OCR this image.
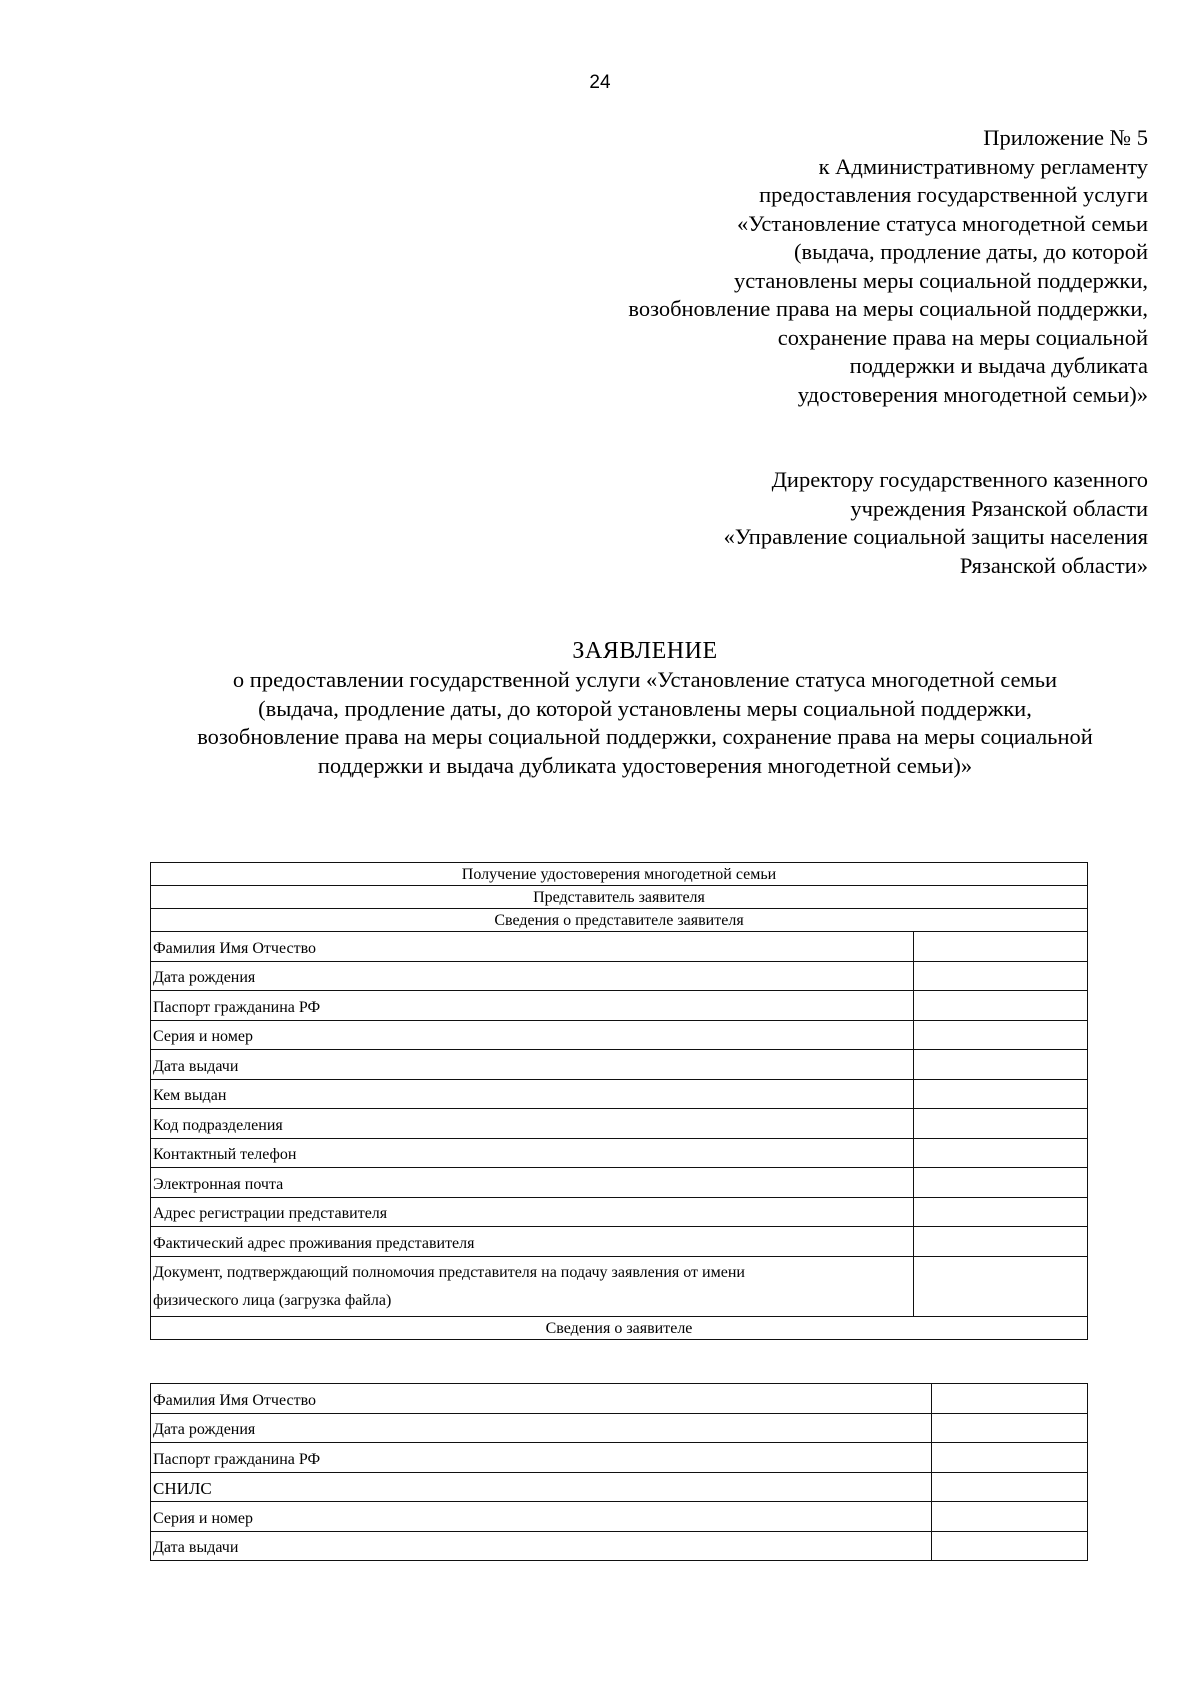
24
Приложение № 5
к Административному регламенту
предоставления государственной услуги
«Установление статуса многодетной семьи
(выдача, продление даты, до которой
установлены меры социальной поддержки,
возобновление права на меры социальной поддержки,
сохранение права на меры социальной
поддержки и выдача дубликата
удостоверения многодетной семьи)»
Директору государственного казенного
учреждения Рязанской области
«Управление социальной защиты населения
Рязанской области»
ЗАЯВЛЕНИЕ
о предоставлении государственной услуги «Установление статуса многодетной семьи
(выдача, продление даты, до которой установлены меры социальной поддержки,
возобновление права на меры социальной поддержки, сохранение права на меры социальной
поддержки и выдача дубликата удостоверения многодетной семьи)»
Получение удостоверения многодетной семьи	
Представитель заявителя	
Сведения о представителе заявителя	
Фамилия Имя Отчество	
Дата рождения	
Паспорт гражданина РФ	
Серия и номер	
Дата выдачи	
Кем выдан	
Код подразделения	
Контактный телефон	
Электронная почта	
Адрес регистрации представителя	
Фактический адрес проживания представителя	

Документ, подтверждающий полномочия представителя на подачу заявления от имени
физического лица (загрузка файла)	

Сведения о заявителе	
Фамилия Имя Отчество	
Дата рождения	
Паспорт гражданина РФ	
СНИЛС	
Серия и номер	
Дата выдачи	
